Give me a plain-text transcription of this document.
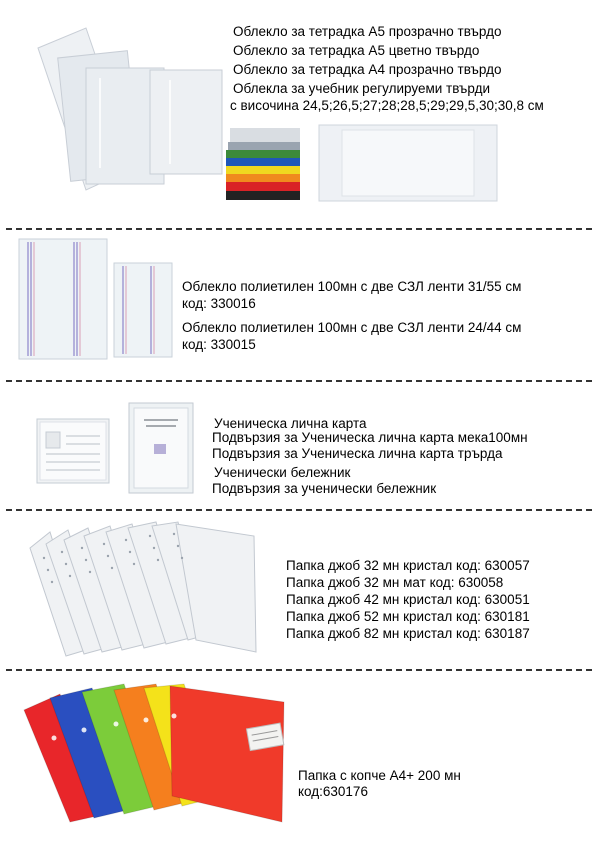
Облекло за тетрадка А5 прозрачно твърдо
Облекло за тетрадка А5 цветно твърдо
Облекло за тетрадка А4 прозрачно твърдо
Облекла за учебник регулируеми твърди
с височина 24,5;26,5;27;28;28,5;29;29,5,30;30,8 см
Облекло полиетилен 100мн с две СЗЛ ленти 31/55 см
код: 330016
Облекло полиетилен 100мн с две СЗЛ ленти 24/44 см
код: 330015
Ученическа лична карта
Подвързия за Ученическа лична карта мека100мн
Подвързия за Ученическа лична карта трърда
Ученически бележник
Подвързия за ученически бележник
Папка джоб 32 мн кристал код: 630057
Папка джоб 32 мн мат код: 630058
Папка джоб 42 мн кристал код: 630051
Папка джоб 52 мн кристал код: 630181
Папка джоб 82 мн кристал код: 630187
Папка с копче А4+ 200 мн
код:630176
